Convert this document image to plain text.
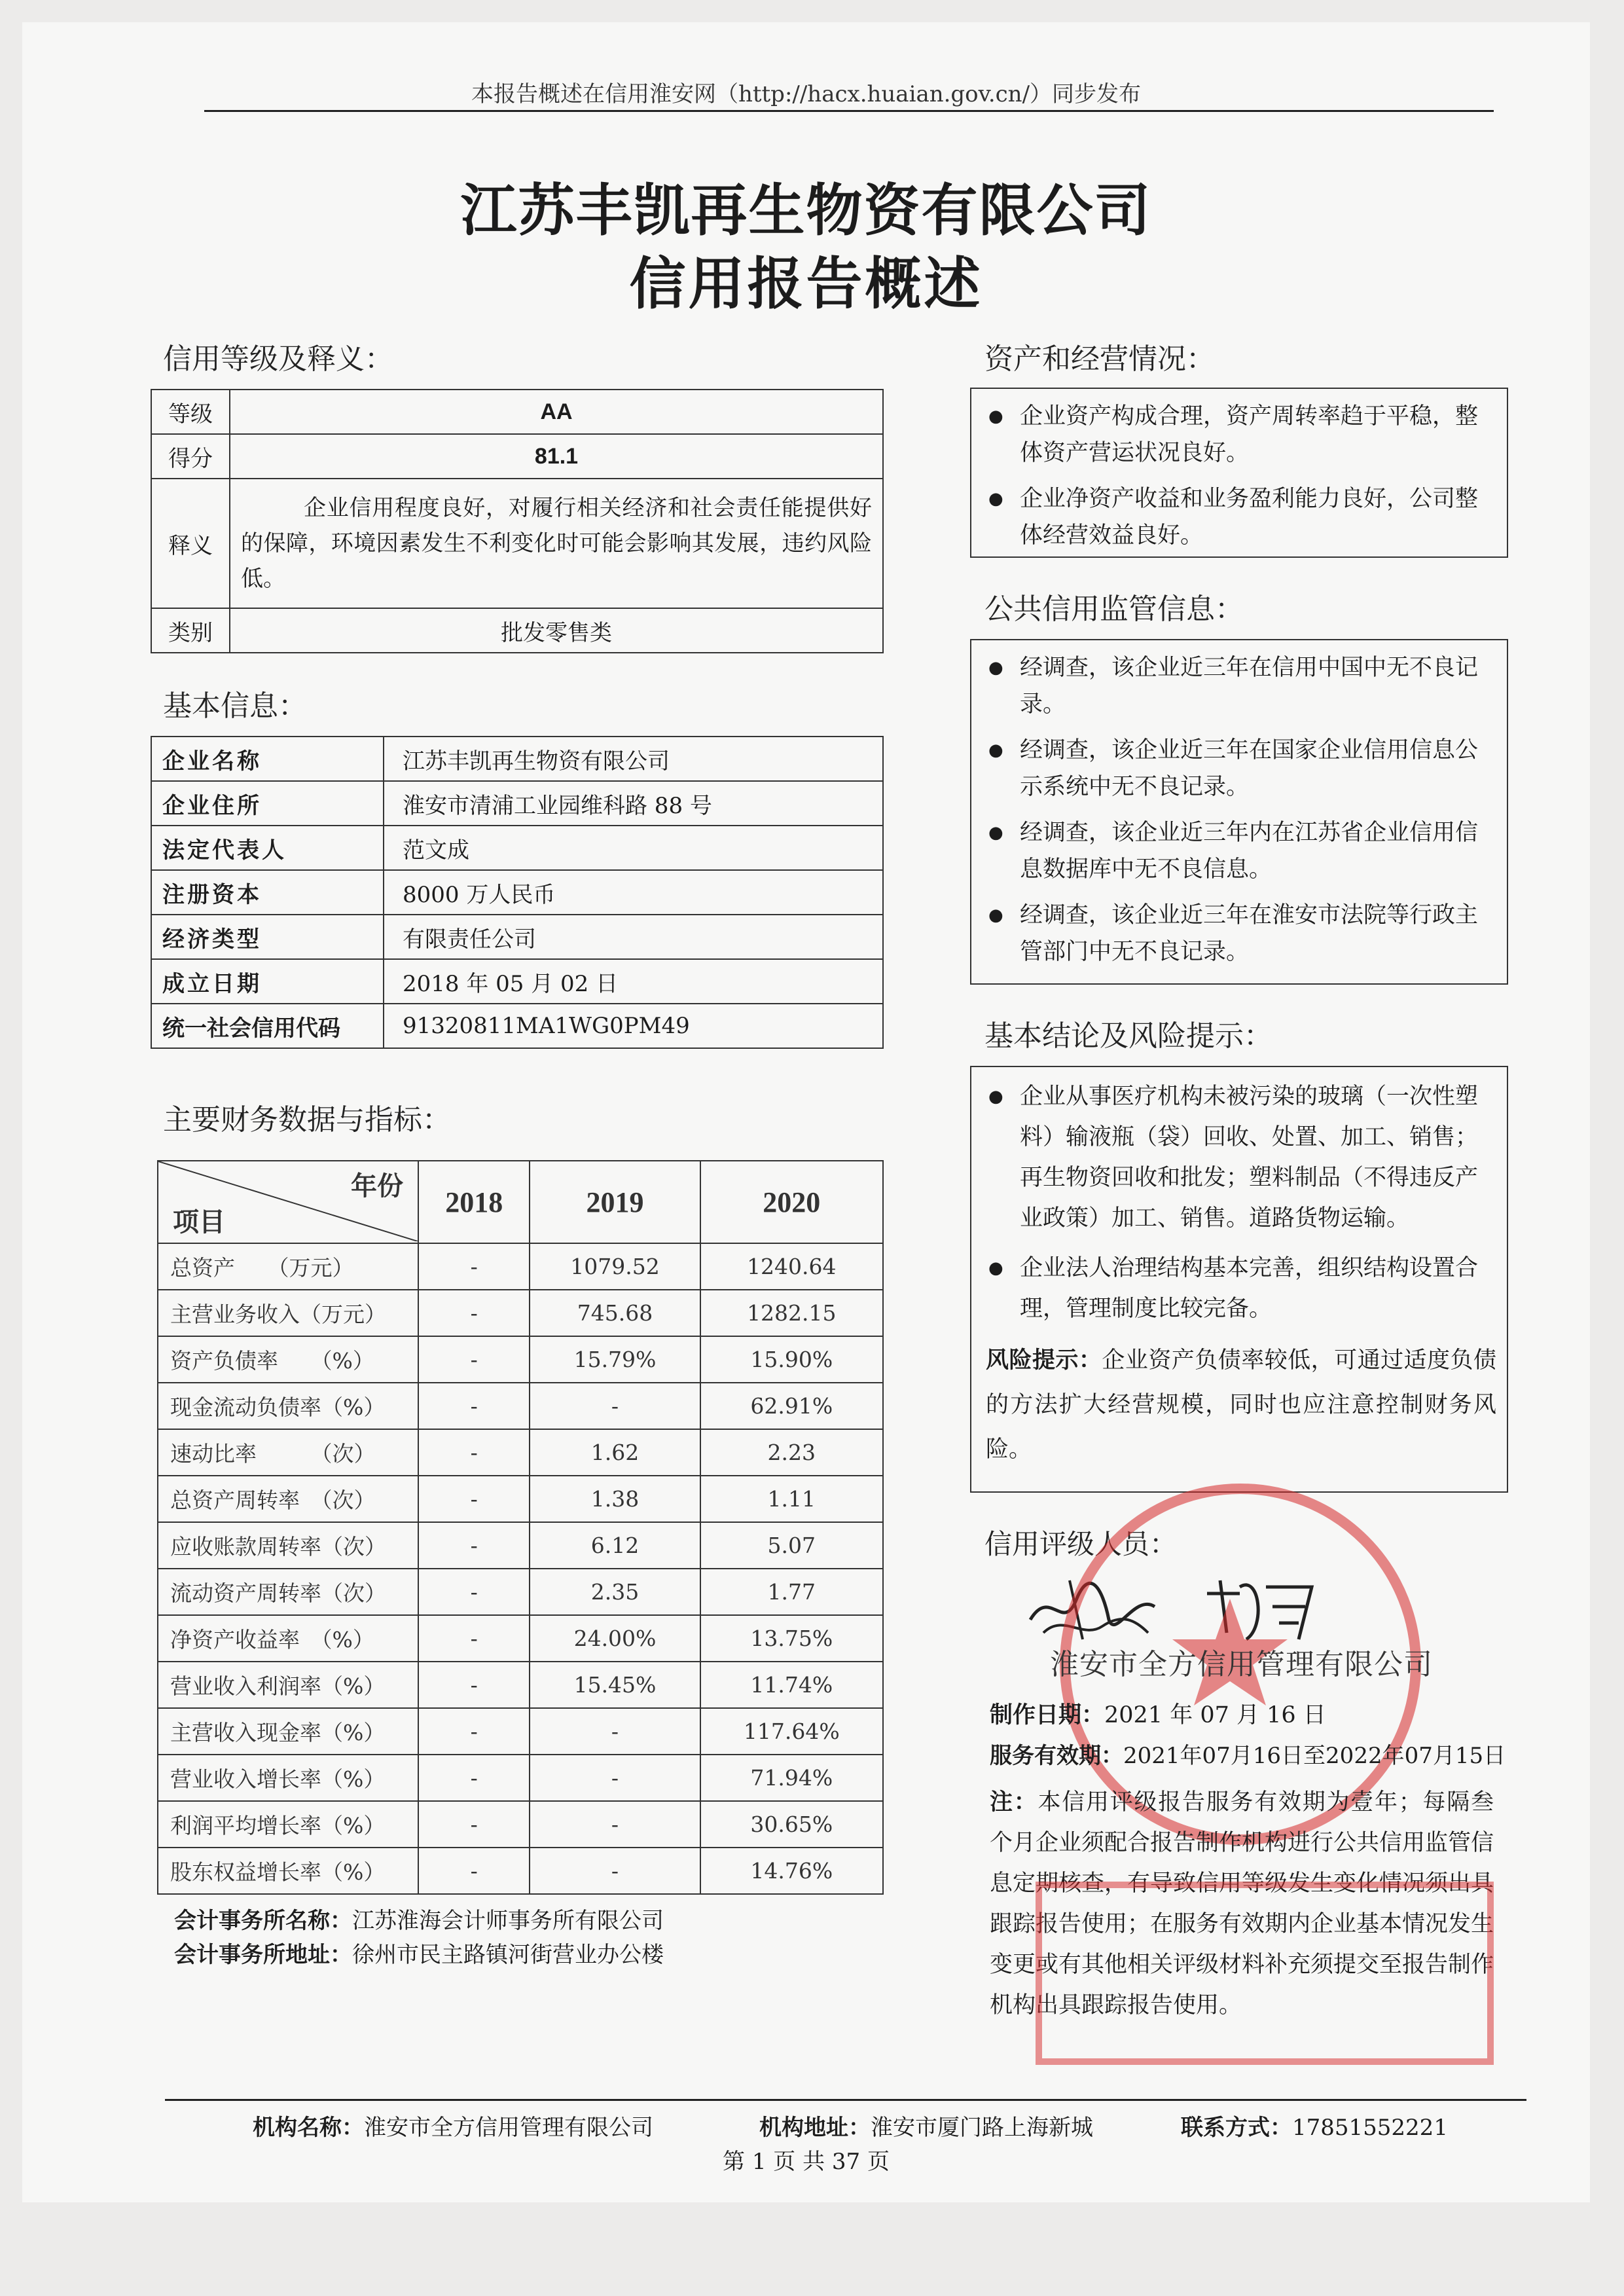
本报告概述在信用淮安网（http://hacx.huaian.gov.cn/）同步发布
江苏丰凯再生物资有限公司
信用报告概述
信用等级及释义：
等级	AA
得分	81.1
释义	企业信用程度良好，对履行相关经济和社会责任能提供好的保障，环境因素发生不利变化时可能会影响其发展，违约风险低。
类别	批发零售类
基本信息：
企业名称	江苏丰凯再生物资有限公司
企业住所	淮安市清浦工业园维科路 88 号
法定代表人	范文成
注册资本	8000 万人民币
经济类型	有限责任公司
成立日期	2018 年 05 月 02 日
统一社会信用代码	91320811MA1WG0PM49
主要财务数据与指标：
年份
项目	2018	2019	2020
总资产　　（万元）	-	1079.52	1240.64
主营业务收入（万元）	-	745.68	1282.15
资产负债率　　（%）	-	15.79%	15.90%
现金流动负债率（%）	-	-	62.91%
速动比率　　　（次）	-	1.62	2.23
总资产周转率　（次）	-	1.38	1.11
应收账款周转率（次）	-	6.12	5.07
流动资产周转率（次）	-	2.35	1.77
净资产收益率　（%）	-	24.00%	13.75%
营业收入利润率（%）	-	15.45%	11.74%
主营收入现金率（%）	-	-	117.64%
营业收入增长率（%）	-	-	71.94%
利润平均增长率（%）	-	-	30.65%
股东权益增长率（%）	-	-	14.76%
会计事务所名称：江苏淮海会计师事务所有限公司
会计事务所地址：徐州市民主路镇河街营业办公楼
资产和经营情况：
● 企业资产构成合理，资产周转率趋于平稳，整体资产营运状况良好。
● 企业净资产收益和业务盈利能力良好，公司整体经营效益良好。
公共信用监管信息：
● 经调查，该企业近三年在信用中国中无不良记录。
● 经调查，该企业近三年在国家企业信用信息公示系统中无不良记录。
● 经调查，该企业近三年内在江苏省企业信用信息数据库中无不良信息。
● 经调查，该企业近三年在淮安市法院等行政主管部门中无不良记录。
基本结论及风险提示：
● 企业从事医疗机构未被污染的玻璃（一次性塑料）输液瓶（袋）回收、处置、加工、销售；再生物资回收和批发；塑料制品（不得违反产业政策）加工、销售。道路货物运输。
● 企业法人治理结构基本完善，组织结构设置合理，管理制度比较完备。
风险提示：企业资产负债率较低，可通过适度负债的方法扩大经营规模，同时也应注意控制财务风险。
信用评级人员：
淮安市全方信用管理有限公司
制作日期：2021 年 07 月 16 日
服务有效期：2021年07月16日至2022年07月15日
注：本信用评级报告服务有效期为壹年；每隔叁个月企业须配合报告制作机构进行公共信用监管信息定期核查，有导致信用等级发生变化情况须出具跟踪报告使用；在服务有效期内企业基本情况发生变更或有其他相关评级材料补充须提交至报告制作机构出具跟踪报告使用。
机构名称：淮安市全方信用管理有限公司	机构地址：淮安市厦门路上海新城	联系方式：17851552221
第 1 页 共 37 页
